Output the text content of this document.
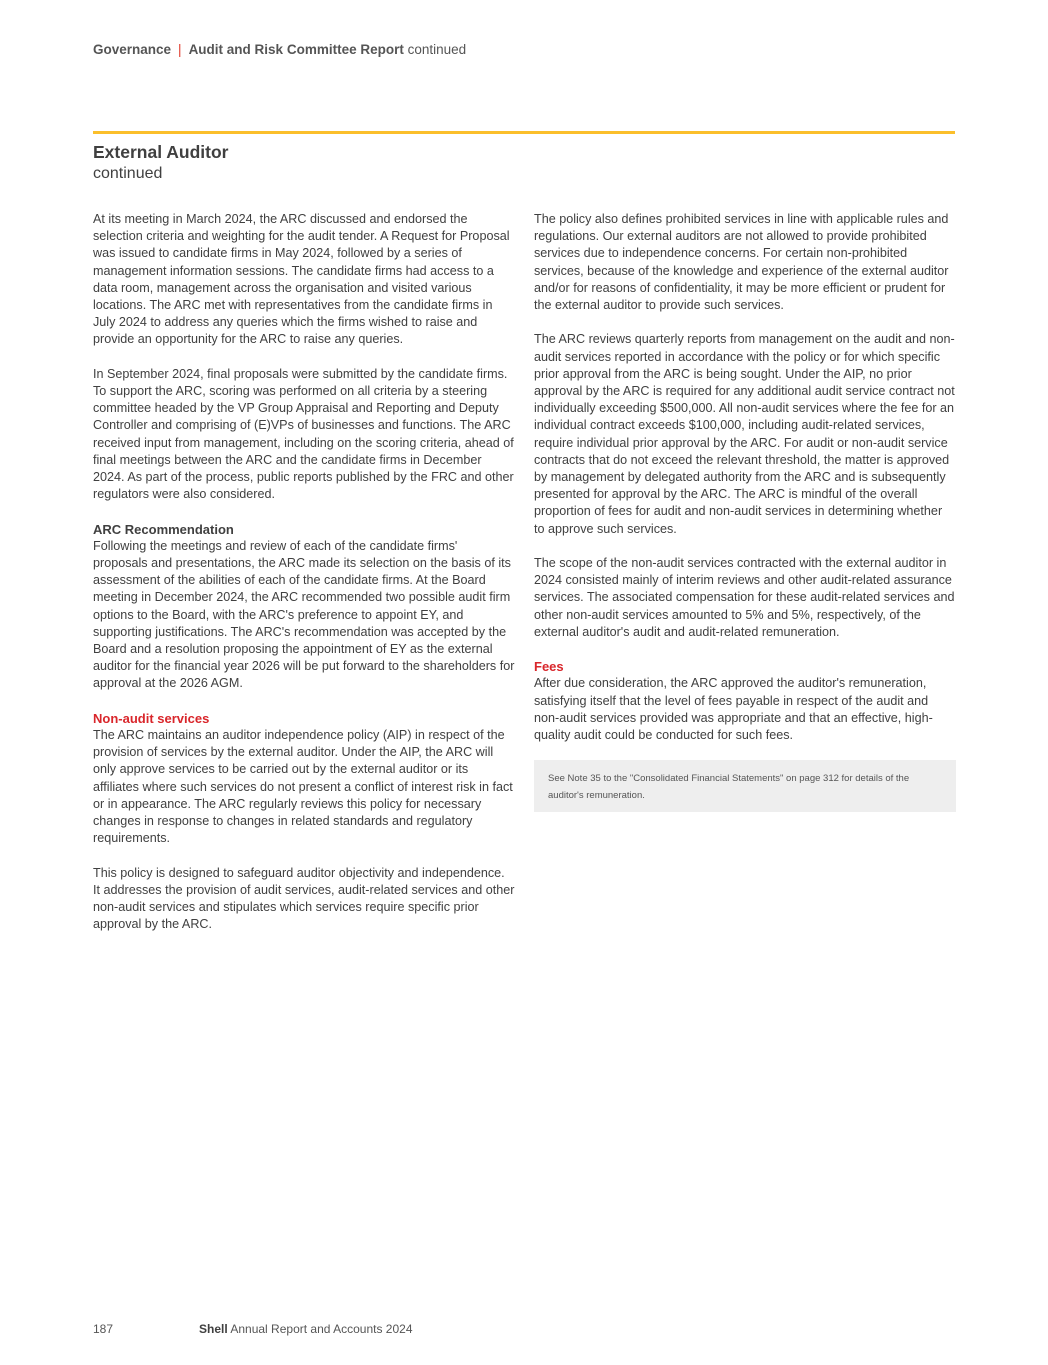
Governance | Audit and Risk Committee Report continued
External Auditor
continued

At its meeting in March 2024, the ARC discussed and endorsed the selection criteria and weighting for the audit tender. A Request for Proposal was issued to candidate firms in May 2024, followed by a series of management information sessions. The candidate firms had access to a data room, management across the organisation and visited various locations. The ARC met with representatives from the candidate firms in July 2024 to address any queries which the firms wished to raise and provide an opportunity for the ARC to raise any queries.

In September 2024, final proposals were submitted by the candidate firms. To support the ARC, scoring was performed on all criteria by a steering committee headed by the VP Group Appraisal and Reporting and Deputy Controller and comprising of (E)VPs of businesses and functions. The ARC received input from management, including on the scoring criteria, ahead of final meetings between the ARC and the candidate firms in December 2024. As part of the process, public reports published by the FRC and other regulators were also considered.

ARC Recommendation

Following the meetings and review of each of the candidate firms' proposals and presentations, the ARC made its selection on the basis of its assessment of the abilities of each of the candidate firms. At the Board meeting in December 2024, the ARC recommended two possible audit firm options to the Board, with the ARC's preference to appoint EY, and supporting justifications. The ARC's recommendation was accepted by the Board and a resolution proposing the appointment of EY as the external auditor for the financial year 2026 will be put forward to the shareholders for approval at the 2026 AGM.

Non-audit services

The ARC maintains an auditor independence policy (AIP) in respect of the provision of services by the external auditor. Under the AIP, the ARC will only approve services to be carried out by the external auditor or its affiliates where such services do not present a conflict of interest risk in fact or in appearance. The ARC regularly reviews this policy for necessary changes in response to changes in related standards and regulatory requirements.

This policy is designed to safeguard auditor objectivity and independence. It addresses the provision of audit services, audit-related services and other non-audit services and stipulates which services require specific prior approval by the ARC.

The policy also defines prohibited services in line with applicable rules and regulations. Our external auditors are not allowed to provide prohibited services due to independence concerns. For certain non-prohibited services, because of the knowledge and experience of the external auditor and/or for reasons of confidentiality, it may be more efficient or prudent for the external auditor to provide such services.

The ARC reviews quarterly reports from management on the audit and non-audit services reported in accordance with the policy or for which specific prior approval from the ARC is being sought. Under the AIP, no prior approval by the ARC is required for any additional audit service contract not individually exceeding $500,000. All non-audit services where the fee for an individual contract exceeds $100,000, including audit-related services, require individual prior approval by the ARC. For audit or non-audit service contracts that do not exceed the relevant threshold, the matter is approved by management by delegated authority from the ARC and is subsequently presented for approval by the ARC. The ARC is mindful of the overall proportion of fees for audit and non-audit services in determining whether to approve such services.

The scope of the non-audit services contracted with the external auditor in 2024 consisted mainly of interim reviews and other audit-related assurance services. The associated compensation for these audit-related services and other non-audit services amounted to 5% and 5%, respectively, of the external auditor's audit and audit-related remuneration.

Fees

After due consideration, the ARC approved the auditor's remuneration, satisfying itself that the level of fees payable in respect of the audit and non-audit services provided was appropriate and that an effective, high-quality audit could be conducted for such fees.

See Note 35 to the "Consolidated Financial Statements" on page 312 for details of the auditor's remuneration.
187	Shell Annual Report and Accounts 2024
